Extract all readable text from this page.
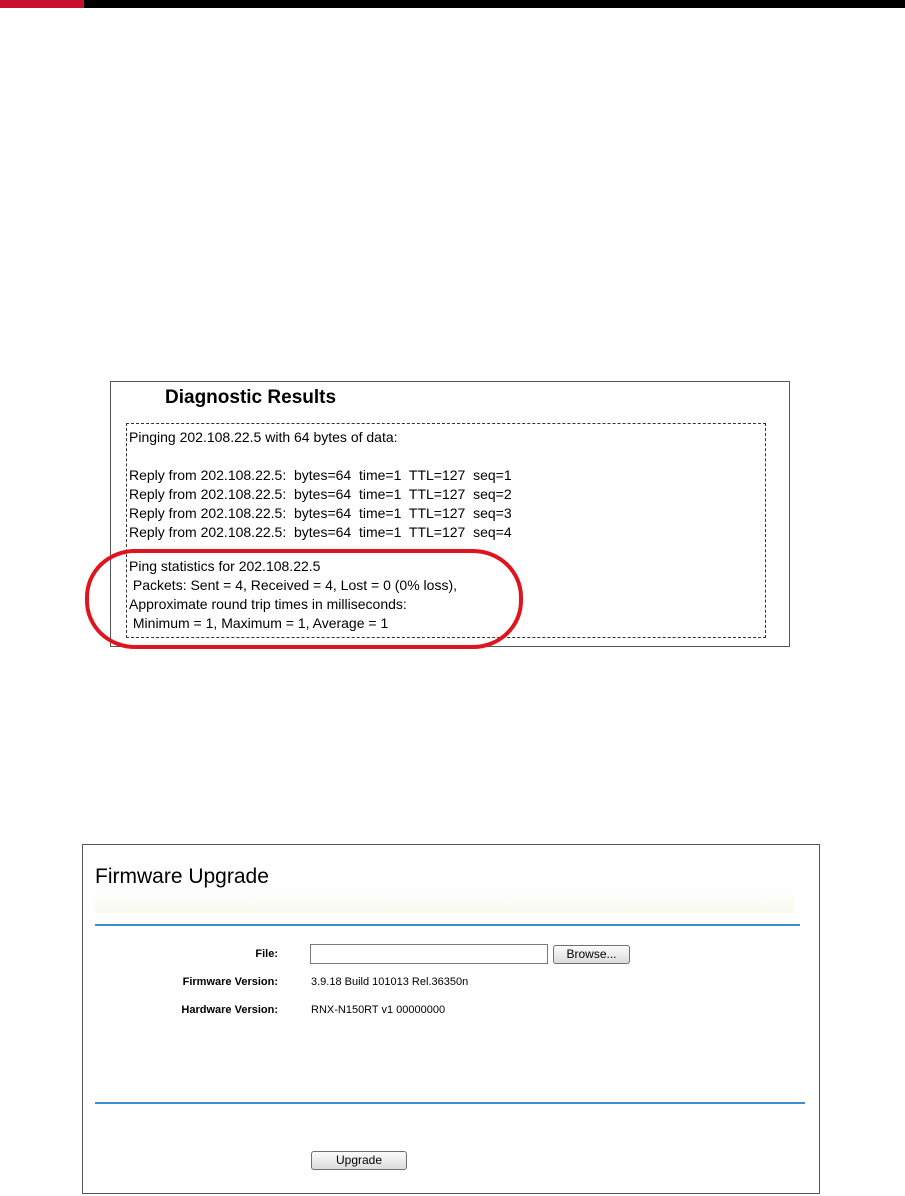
Diagnostic Results
Pinging 202.108.22.5 with 64 bytes of data:
Reply from 202.108.22.5:  bytes=64  time=1  TTL=127  seq=1
Reply from 202.108.22.5:  bytes=64  time=1  TTL=127  seq=2
Reply from 202.108.22.5:  bytes=64  time=1  TTL=127  seq=3
Reply from 202.108.22.5:  bytes=64  time=1  TTL=127  seq=4
Ping statistics for 202.108.22.5
Packets: Sent = 4, Received = 4, Lost = 0 (0% loss),
Approximate round trip times in milliseconds:
Minimum = 1, Maximum = 1, Average = 1
Firmware Upgrade
File:	Browse...
Firmware Version:	3.9.18 Build 101013 Rel.36350n
Hardware Version:	RNX-N150RT v1 00000000
Upgrade
